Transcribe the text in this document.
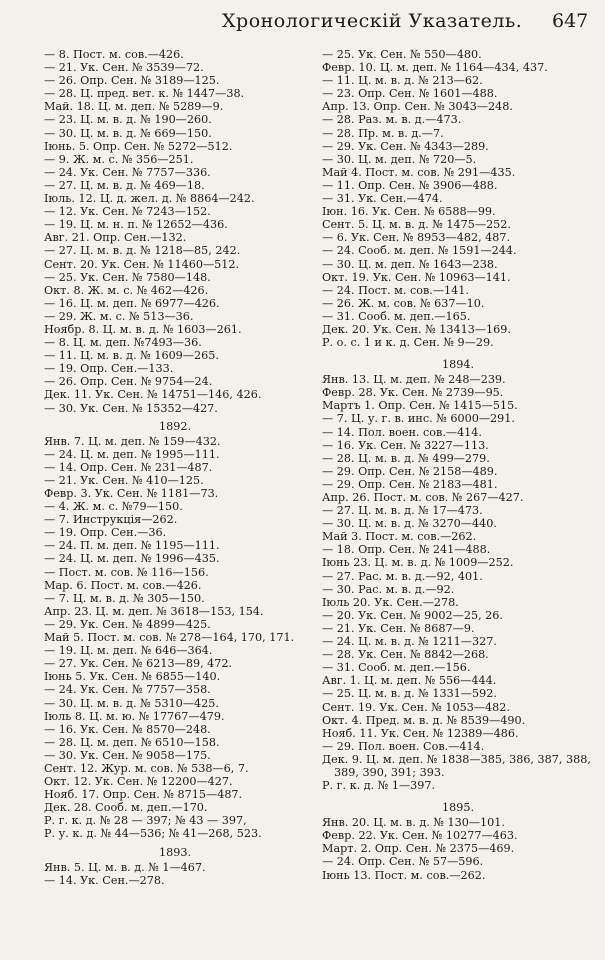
Хронологическій Указатель. 647
— 8. Пост. м. сов.—426.
— 21. Ук. Сен. № 3539—72.
— 26. Опр. Сен. № 3189—125.
— 28. Ц. пред. вет. к. № 1447—38.
Май. 18. Ц. м. деп. № 5289—9.
— 23. Ц. м. в. д. № 190—260.
— 30. Ц. м. в. д. № 669—150.
Іюнь. 5. Опр. Сен. № 5272—512.
— 9. Ж. м. с. № 356—251.
— 24. Ук. Сен. № 7757—336.
— 27. Ц. м. в. д. № 469—18.
Іюль. 12. Ц. д. жел. д. № 8864—242.
— 12. Ук. Сен. № 7243—152.
— 19. Ц. м. н. п. № 12652—436.
Авг. 21. Опр. Сен.—132.
— 27. Ц. м. в. д. № 1218—85, 242.
Сент. 20. Ук. Сен. № 11460—512.
— 25. Ук. Сен. № 7580—148.
Окт. 8. Ж. м. с. № 462—426.
— 16. Ц. м. деп. № 6977—426.
— 29. Ж. м. с. № 513—36.
Ноябр. 8. Ц. м. в. д. № 1603—261.
— 8. Ц. м. деп. №7493—36.
— 11. Ц. м. в. д. № 1609—265.
— 19. Опр. Сен.—133.
— 26. Опр. Сен. № 9754—24.
Дек. 11. Ук. Сен. № 14751—146, 426.
— 30. Ук. Сен. № 15352—427.
1892.
Янв. 7. Ц. м. деп. № 159—432.
— 24. Ц. м. деп. № 1995—111.
— 14. Опр. Сен. № 231—487.
— 21. Ук. Сен. № 410—125.
Февр. 3. Ук. Сен. № 1181—73.
— 4. Ж. м. с. №79—150.
— 7. Инструкція—262.
— 19. Опр. Сен.—36.
— 24. П. м. деп. № 1195—111.
— 24. Ц. м. деп. № 1996—435.
— Пост. м. сов. № 116—156.
Мар. 6. Пост. м. сов.—426.
— 7. Ц. м. в. д. № 305—150.
Апр. 23. Ц. м. деп. № 3618—153, 154.
— 29. Ук. Сен. № 4899—425.
Май 5. Пост. м. сов. № 278—164, 170, 171.
— 19. Ц. м. деп. № 646—364.
— 27. Ук. Сен. № 6213—89, 472.
Іюнь 5. Ук. Сен. № 6855—140.
— 24. Ук. Сен. № 7757—358.
— 30. Ц. м. в. д. № 5310—425.
Іюль 8. Ц. м. ю. № 17767—479.
— 16. Ук. Сен. № 8570—248.
— 28. Ц. м. деп. № 6510—158.
— 30. Ук. Сен. № 9058—175.
Сент. 12. Жур. м. сов. № 538—6, 7.
Окт. 12. Ук. Сен. № 12200—427.
Нояб. 17. Опр. Сен. № 8715—487.
Дек. 28. Сооб. м. деп.—170.
Р. г. к. д. № 28 — 397; № 43 — 397,
Р. у. к. д. № 44—536; № 41—268, 523.
1893.
Янв. 5. Ц. м. в. д. № 1—467.
— 14. Ук. Сен.—278.
— 25. Ук. Сен. № 550—480.
Февр. 10. Ц. м. деп. № 1164—434, 437.
— 11. Ц. м. в. д. № 213—62.
— 23. Опр. Сен. № 1601—488.
Апр. 13. Опр. Сен. № 3043—248.
— 28. Раз. м. в. д.—473.
— 28. Пр. м. в. д.—7.
— 29. Ук. Сен. № 4343—289.
— 30. Ц. м. деп. № 720—5.
Май 4. Пост. м. сов. № 291—435.
— 11. Опр. Сен. № 3906—488.
— 31. Ук. Сен.—474.
Іюн. 16. Ук. Сен. № 6588—99.
Сент. 5. Ц. м. в. д. № 1475—252.
— 6. Ук. Сен. № 8953—482, 487.
— 24. Сооб. м. деп. № 1591—244.
— 30. Ц. м. деп. № 1643—238.
Окт. 19. Ук. Сен. № 10963—141.
— 24. Пост. м. сов.—141.
— 26. Ж. м. сов. № 637—10.
— 31. Сооб. м. деп.—165.
Дек. 20. Ук. Сен. № 13413—169.
Р. о. с. 1 и к. д. Сен. № 9—29.
1894.
Янв. 13. Ц. м. деп. № 248—239.
Февр. 28. Ук. Сен. № 2739—95.
Мартъ 1. Опр. Сен. № 1415—515.
— 7. Ц. у. г. в. инс. № 6000—291.
— 14. Пол. воен. сов.—414.
— 16. Ук. Сен. № 3227—113.
— 28. Ц. м. в. д. № 499—279.
— 29. Опр. Сен. № 2158—489.
— 29. Опр. Сен. № 2183—481.
Апр. 26. Пост. м. сов. № 267—427.
— 27. Ц. м. в. д. № 17—473.
— 30. Ц. м. в. д. № 3270—440.
Май 3. Пост. м. сов.—262.
— 18. Опр. Сен. № 241—488.
Іюнь 23. Ц. м. в. д. № 1009—252.
— 27. Рас. м. в. д.—92, 401.
— 30. Рас. м. в. д.—92.
Іюль 20. Ук. Сен.—278.
— 20. Ук. Сен. № 9002—25, 26.
— 21. Ук. Сен. № 8687—9.
— 24. Ц. м. в. д. № 1211—327.
— 28. Ук. Сен. № 8842—268.
— 31. Сооб. м. деп.—156.
Авг. 1. Ц. м. деп. № 556—444.
— 25. Ц. м. в. д. № 1331—592.
Сент. 19. Ук. Сен. № 1053—482.
Окт. 4. Пред. м. в. д. № 8539—490.
Нояб. 11. Ук. Сен. № 12389—486.
— 29. Пол. воен. Сов.—414.
Дек. 9. Ц. м. деп. № 1838—385, 386, 387, 388, 389, 390, 391; 393.
Р. г. к. д. № 1—397.
1895.
Янв. 20. Ц. м. в. д. № 130—101.
Февр. 22. Ук. Сен. № 10277—463.
Март. 2. Опр. Сен. № 2375—469.
— 24. Опр. Сен. № 57—596.
Іюнь 13. Пост. м. сов.—262.
